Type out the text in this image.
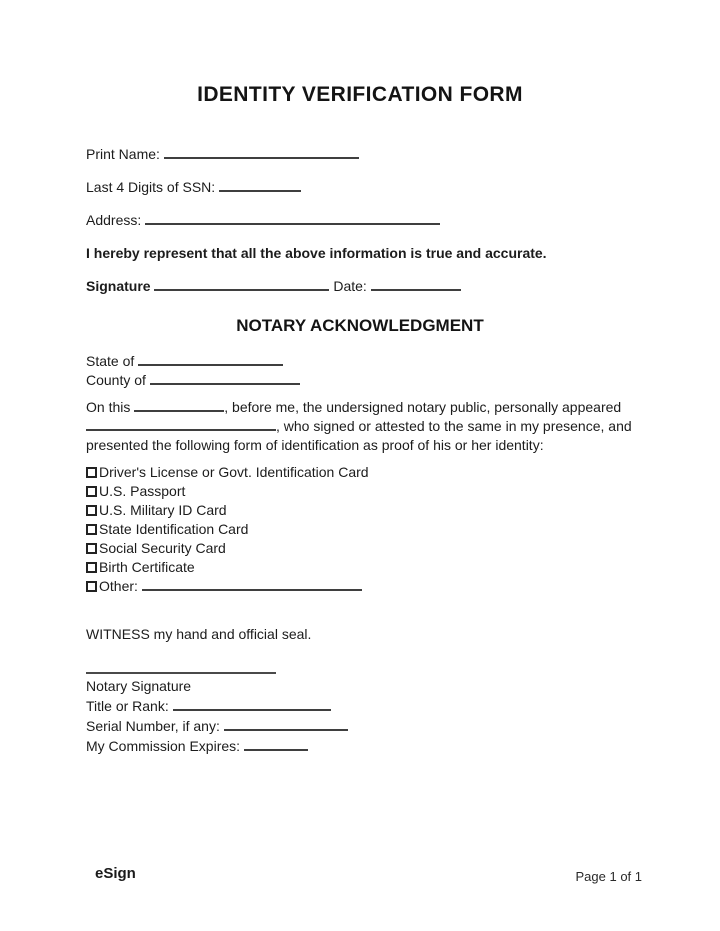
IDENTITY VERIFICATION FORM
Print Name:
Last 4 Digits of SSN:
Address:
I hereby represent that all the above information is true and accurate.
Signature	Date:
NOTARY ACKNOWLEDGMENT
State of
County of

On this	, before me, the undersigned notary public, personally appeared
, who signed or attested to the same in my presence, and
presented the following form of identification as proof of his or her identity:

Driver's License or Govt. Identification Card
U.S. Passport
U.S. Military ID Card
State Identification Card
Social Security Card
Birth Certificate
Other:
WITNESS my hand and official seal.
Notary Signature
Title or Rank:
Serial Number, if any:
My Commission Expires:
eSign	Page 1 of 1
